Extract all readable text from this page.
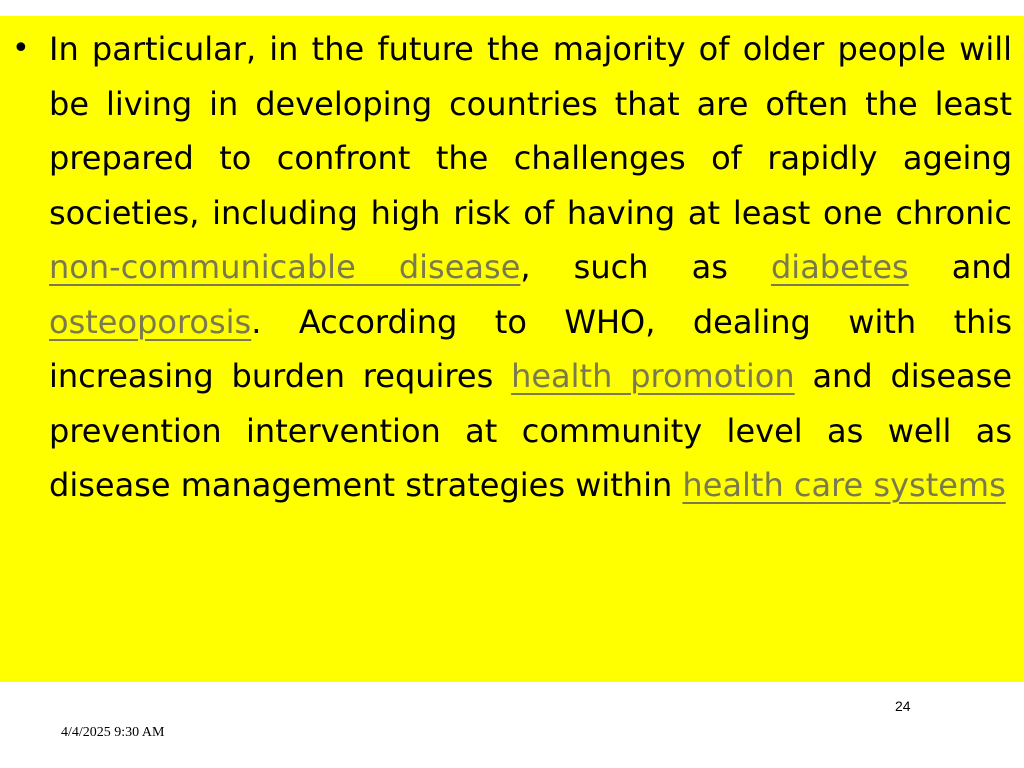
• In particular, in the future the majority of older people will be living in developing countries that are often the least prepared to confront the challenges of rapidly ageing societies, including high risk of having at least one chronic non-communicable disease, such as diabetes and osteoporosis. According to WHO, dealing with this increasing burden requires health promotion and disease prevention intervention at community level as well as disease management strategies within health care systems
24
4/4/2025 9:30 AM
